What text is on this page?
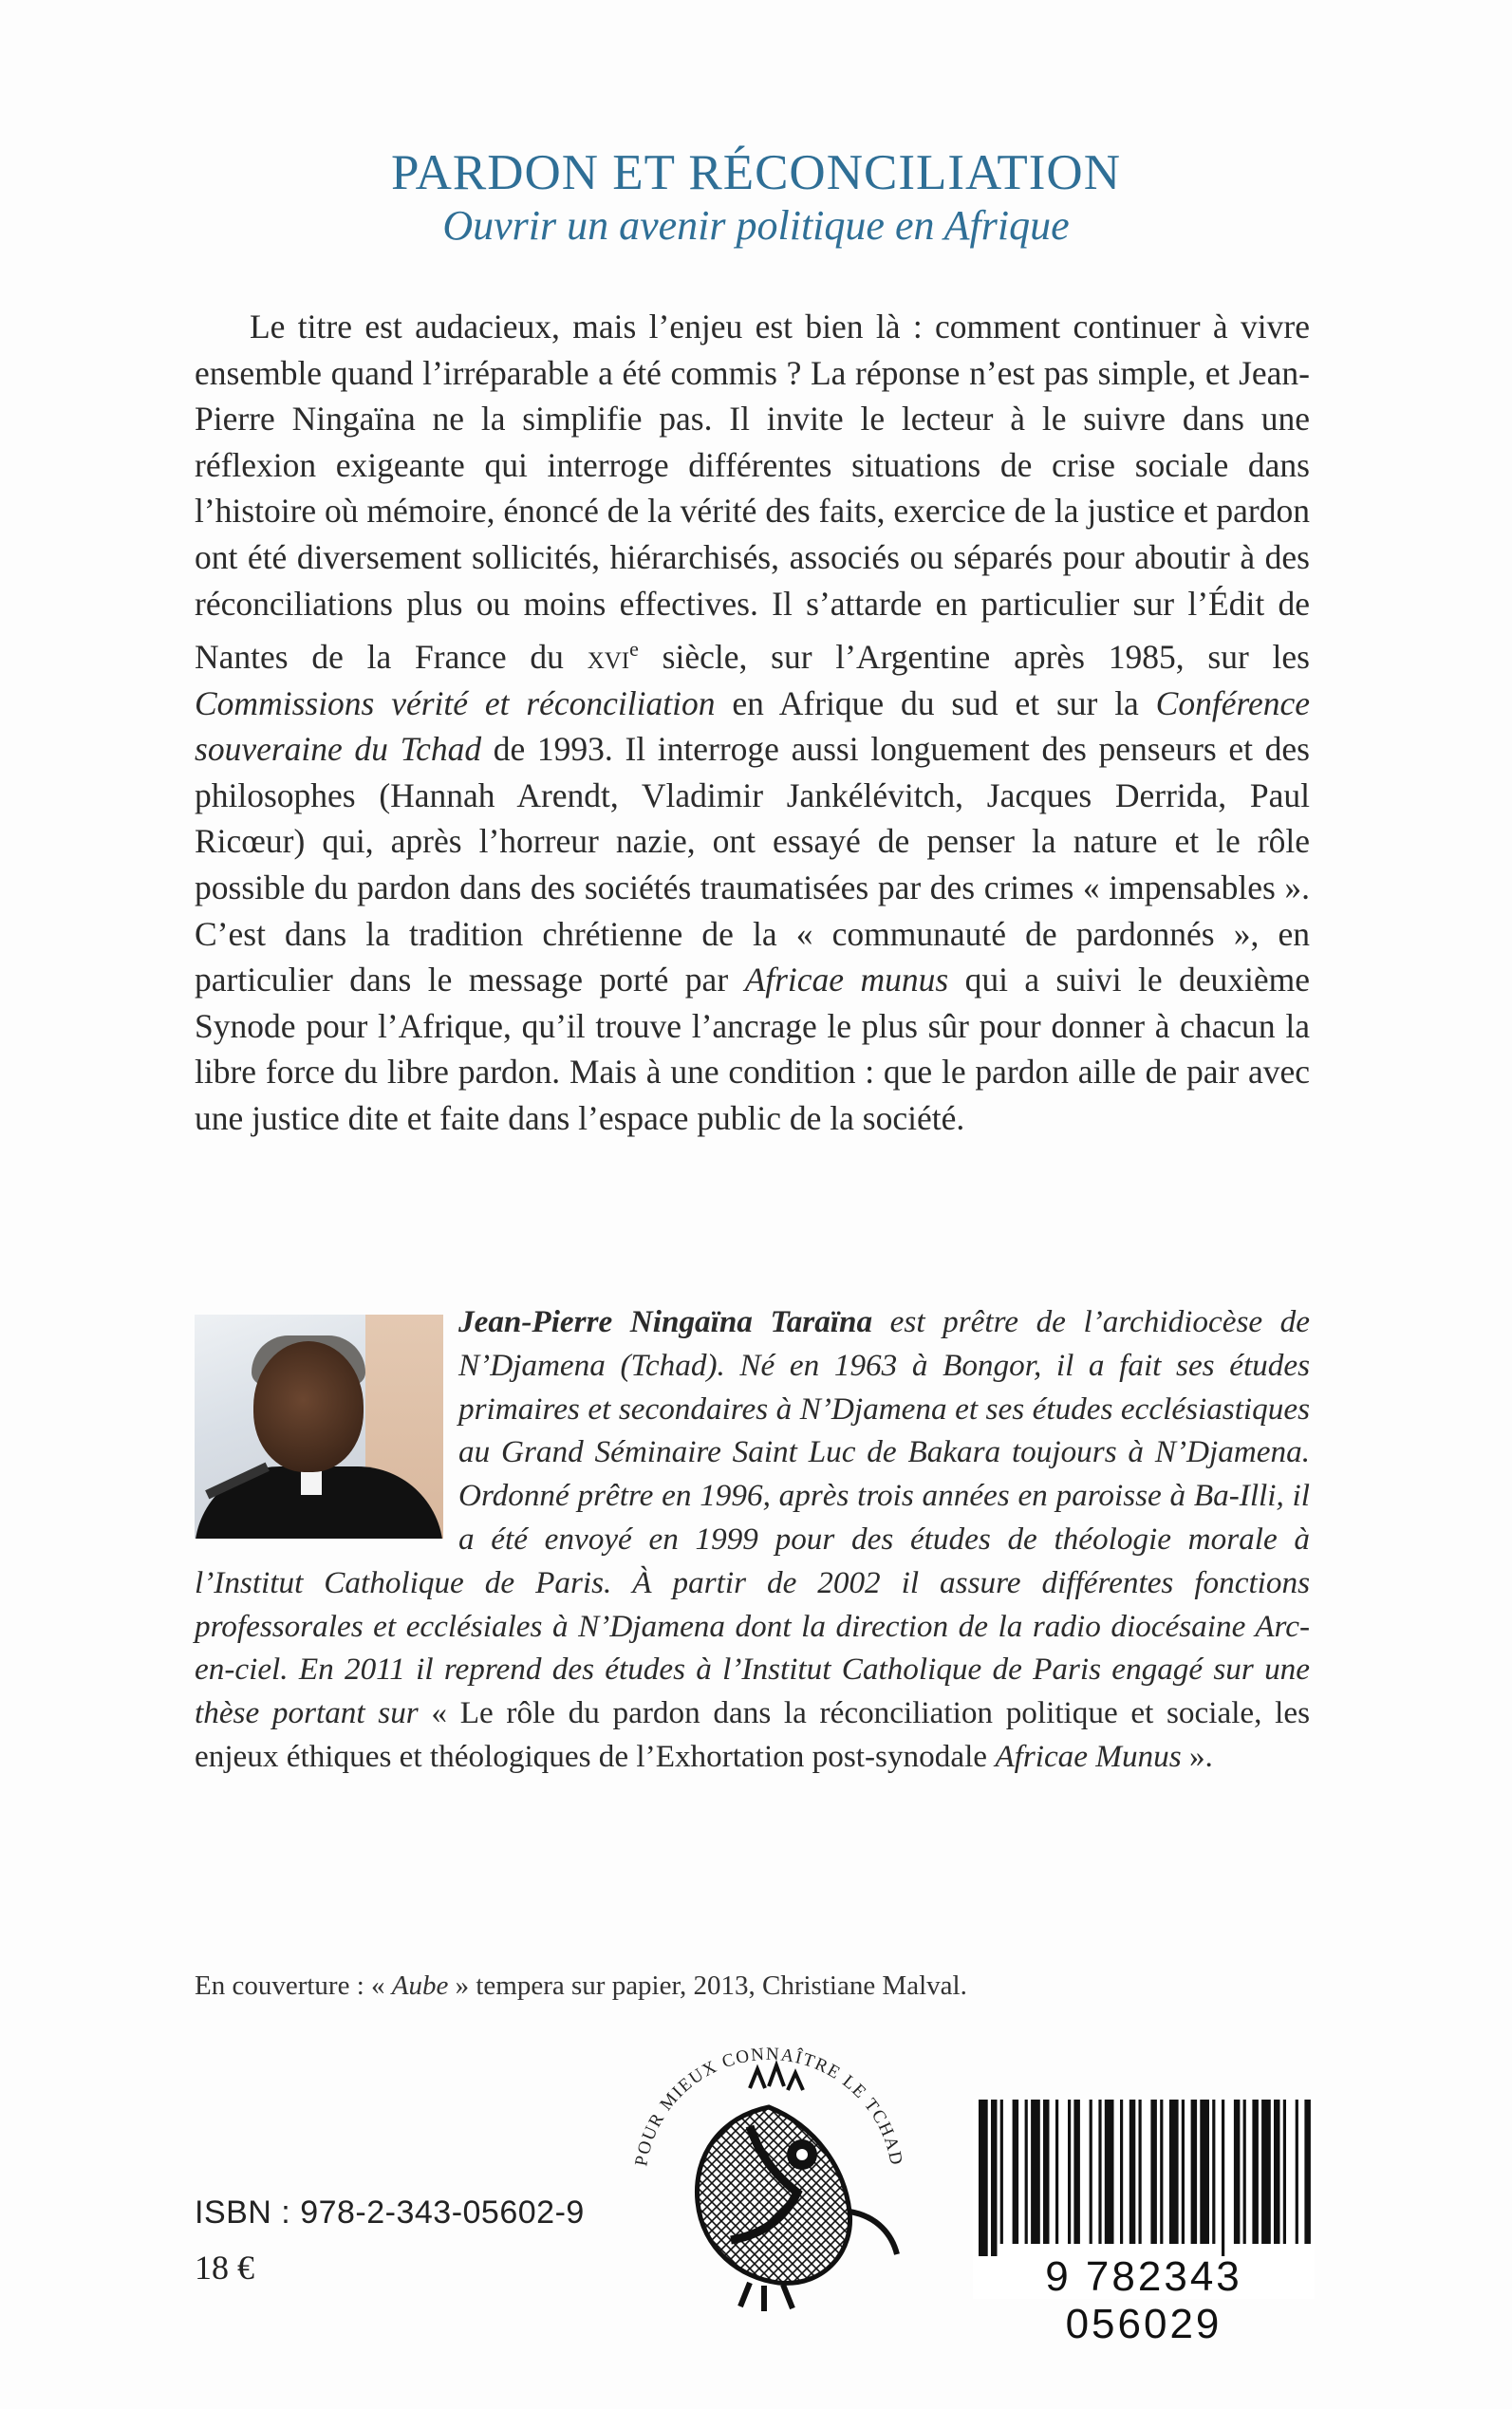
PARDON ET RÉCONCILIATION
Ouvrir un avenir politique en Afrique

Le titre est audacieux, mais l’enjeu est bien là : comment continuer à vivre ensemble quand l’irréparable a été commis ? La réponse n’est pas simple, et Jean-Pierre Ningaïna ne la simplifie pas. Il invite le lecteur à le suivre dans une réflexion exigeante qui interroge différentes situations de crise sociale dans l’histoire où mémoire, énoncé de la vérité des faits, exercice de la justice et pardon ont été diversement sollicités, hiérarchisés, associés ou séparés pour aboutir à des réconciliations plus ou moins effectives. Il s’attarde en particulier sur l’Édit de Nantes de la France du xvi$^e$ siècle, sur l’Argentine après 1985, sur les Commissions vérité et réconciliation en Afrique du sud et sur la Conférence souveraine du Tchad de 1993. Il interroge aussi longuement des penseurs et des philosophes (Hannah Arendt, Vladimir Jankélévitch, Jacques Derrida, Paul Ricœur) qui, après l’horreur nazie, ont essayé de penser la nature et le rôle possible du pardon dans des sociétés traumatisées par des crimes « impensables ». C’est dans la tradition chrétienne de la « communauté de pardonnés », en particulier dans le message porté par Africae munus qui a suivi le deuxième Synode pour l’Afrique, qu’il trouve l’ancrage le plus sûr pour donner à chacun la libre force du libre pardon. Mais à une condition : que le pardon aille de pair avec une justice dite et faite dans l’espace public de la société.

Jean-Pierre Ningaïna Taraïna est prêtre de l’archidiocèse de N’Djamena (Tchad). Né en 1963 à Bongor, il a fait ses études primaires et secondaires à N’Djamena et ses études ecclésiastiques au Grand Séminaire Saint Luc de Bakara toujours à N’Djamena. Ordonné prêtre en 1996, après trois années en paroisse à Ba-Illi, il a été envoyé en 1999 pour des études de théologie morale à l’Institut Catholique de Paris. À partir de 2002 il assure différentes fonctions professorales et ecclésiales à N’Djamena dont la direction de la radio diocésaine Arc-en-ciel. En 2011 il reprend des études à l’Institut Catholique de Paris engagé sur une thèse portant sur « Le rôle du pardon dans la réconciliation politique et sociale, les enjeux éthiques et théologiques de l’Exhortation post-synodale Africae Munus ».

En couverture : « Aube » tempera sur papier, 2013, Christiane Malval.
POUR MIEUX CONNAÎTRE LE TCHAD
ISBN : 978-2-343-05602-9
18 €	9 782343 056029
